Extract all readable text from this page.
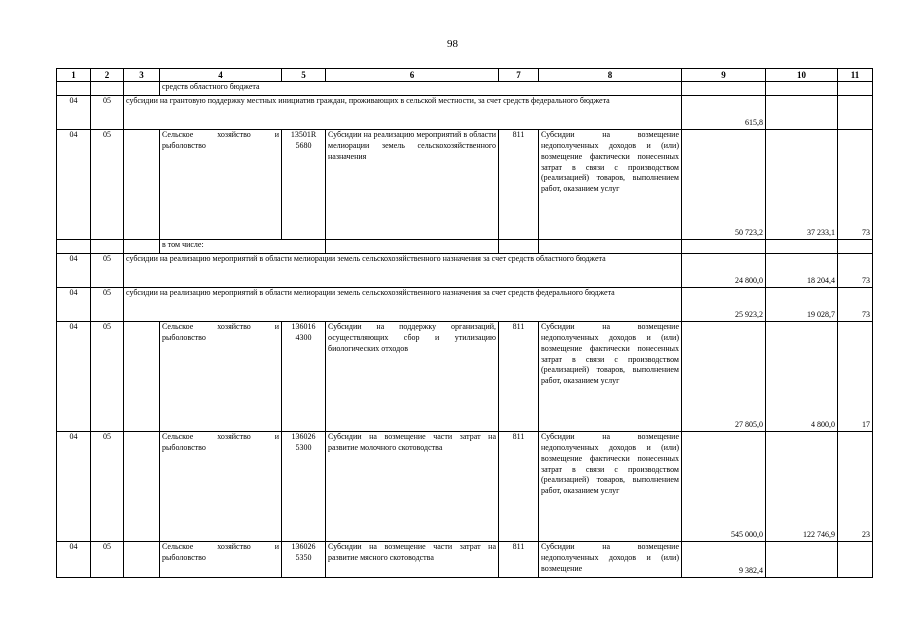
98
1	2	3	4	5	6	7	8	9	10	11
			средств областного бюджета							
04	05	субсидии на грантовую поддержку местных инициатив граждан, проживающих в сельской местности, за счет средств федерального бюджета						615,8		
04	05		Сельское хозяйство и рыболовство	13501R 5680	Субсидии на реализацию мероприятий в области мелиорации земель сельскохозяйственного назначения	811	Субсидии на возмещение недополученных доходов и (или) возмещение фактически понесенных затрат в связи с производством (реализацией) товаров, выполнением работ, оказанием услуг	50 723,2	37 233,1	73
			в том числе:							
04	05	субсидии на реализацию мероприятий в области мелиорации земель сельскохозяйственного назначения за счет средств областного бюджета						24 800,0	18 204,4	73
04	05	субсидии на реализацию мероприятий в области мелиорации земель сельскохозяйственного назначения за счет средств федерального бюджета						25 923,2	19 028,7	73
04	05		Сельское хозяйство и рыболовство	136016 4300	Субсидии на поддержку организаций, осуществляющих сбор и утилизацию биологических отходов	811	Субсидии на возмещение недополученных доходов и (или) возмещение фактически понесенных затрат в связи с производством (реализацией) товаров, выполнением работ, оказанием услуг	27 805,0	4 800,0	17
04	05		Сельское хозяйство и рыболовство	136026 5300	Субсидии на возмещение части затрат на развитие молочного скотоводства	811	Субсидии на возмещение недополученных доходов и (или) возмещение фактически понесенных затрат в связи с производством (реализацией) товаров, выполнением работ, оказанием услуг	545 000,0	122 746,9	23
04	05		Сельское хозяйство и рыболовство	136026 5350	Субсидии на возмещение части затрат на развитие мясного скотоводства	811	Субсидии на возмещение недополученных доходов и (или) возмещение	9 382,4		
